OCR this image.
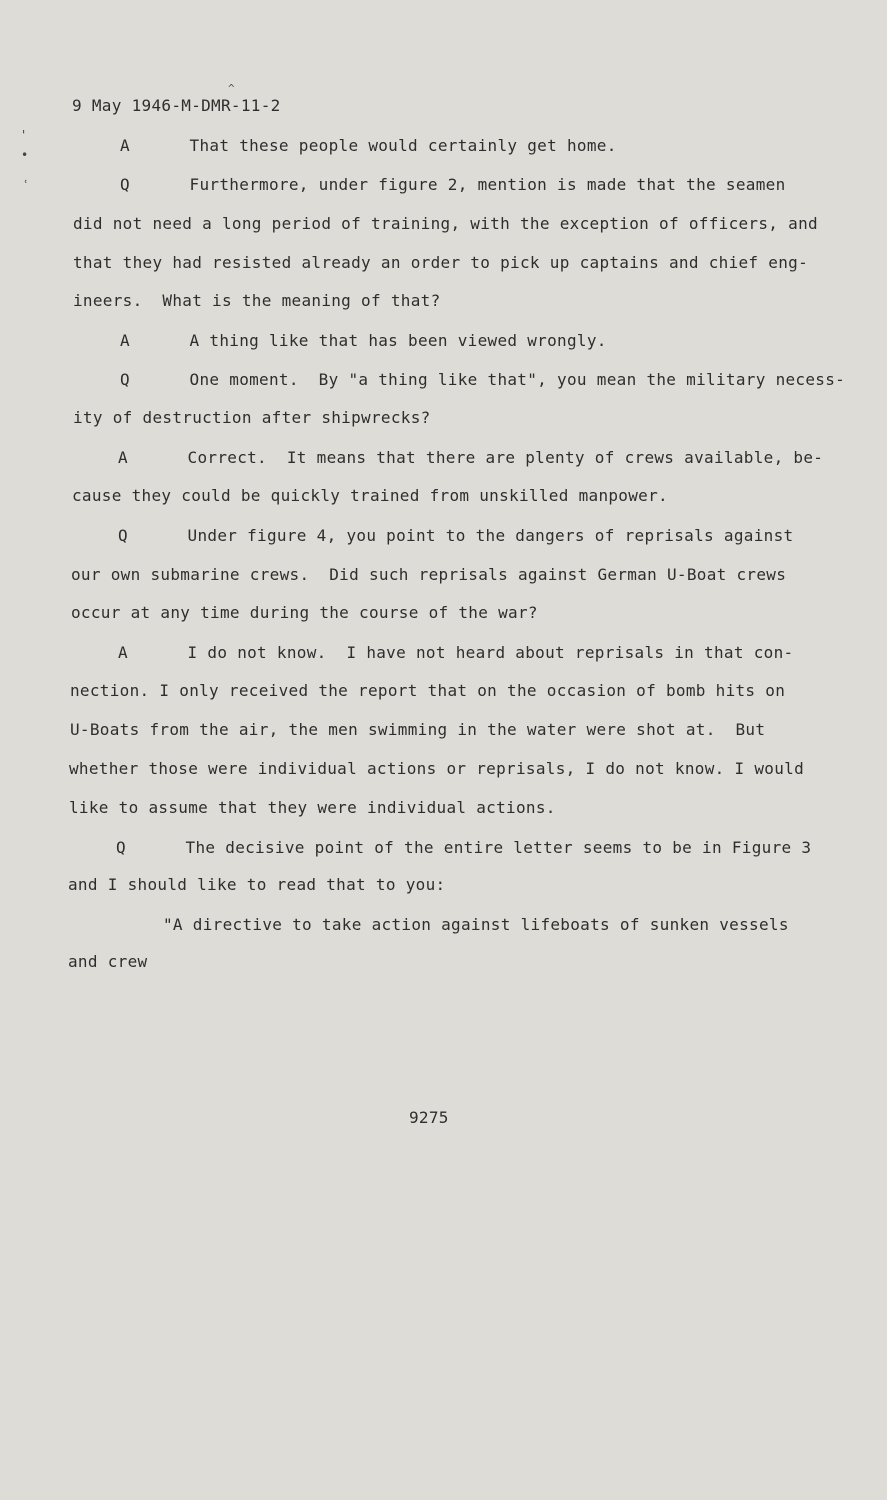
9 May 1946-M-DMR-11-2
^
'
•
ʿ
A      That these people would certainly get home.
Q      Furthermore, under figure 2, mention is made that the seamen
did not need a long period of training, with the exception of officers, and
that they had resisted already an order to pick up captains and chief eng-
ineers.  What is the meaning of that?
A      A thing like that has been viewed wrongly.
Q      One moment.  By "a thing like that", you mean the military necess-
ity of destruction after shipwrecks?
A      Correct.  It means that there are plenty of crews available, be-
cause they could be quickly trained from unskilled manpower.
Q      Under figure 4, you point to the dangers of reprisals against
our own submarine crews.  Did such reprisals against German U-Boat crews
occur at any time during the course of the war?
A      I do not know.  I have not heard about reprisals in that con-
nection. I only received the report that on the occasion of bomb hits on
U-Boats from the air, the men swimming in the water were shot at.  But
whether those were individual actions or reprisals, I do not know. I would
like to assume that they were individual actions.
Q      The decisive point of the entire letter seems to be in Figure 3
and I should like to read that to you:
"A directive to take action against lifeboats of sunken vessels
and crew
9275
